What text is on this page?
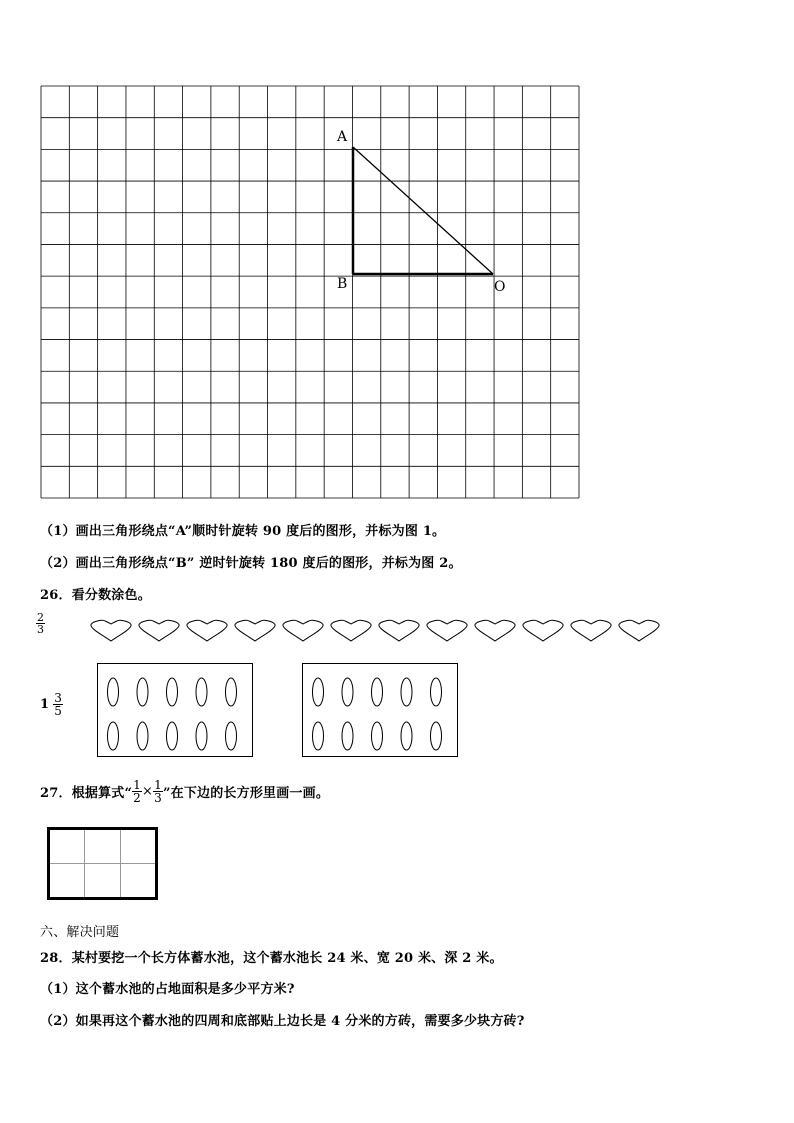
A
B	O
（1）画出三角形绕点“A”顺时针旋转 90 度后的图形，并标为图 1。
（2）画出三角形绕点“B” 逆时针旋转 180 度后的图形，并标为图 2。
26．看分数涂色。
$\frac{2}{3}$
$1 \frac{3}{5}$
27．根据算式“ $\frac{1}{2} \times \frac{1}{3}$ ”在下边的长方形里画一画。
六、解决问题
28．某村要挖一个长方体蓄水池，这个蓄水池长 24 米、宽 20 米、深 2 米。
（1）这个蓄水池的占地面积是多少平方米?
（2）如果再这个蓄水池的四周和底部贴上边长是 4 分米的方砖，需要多少块方砖?
